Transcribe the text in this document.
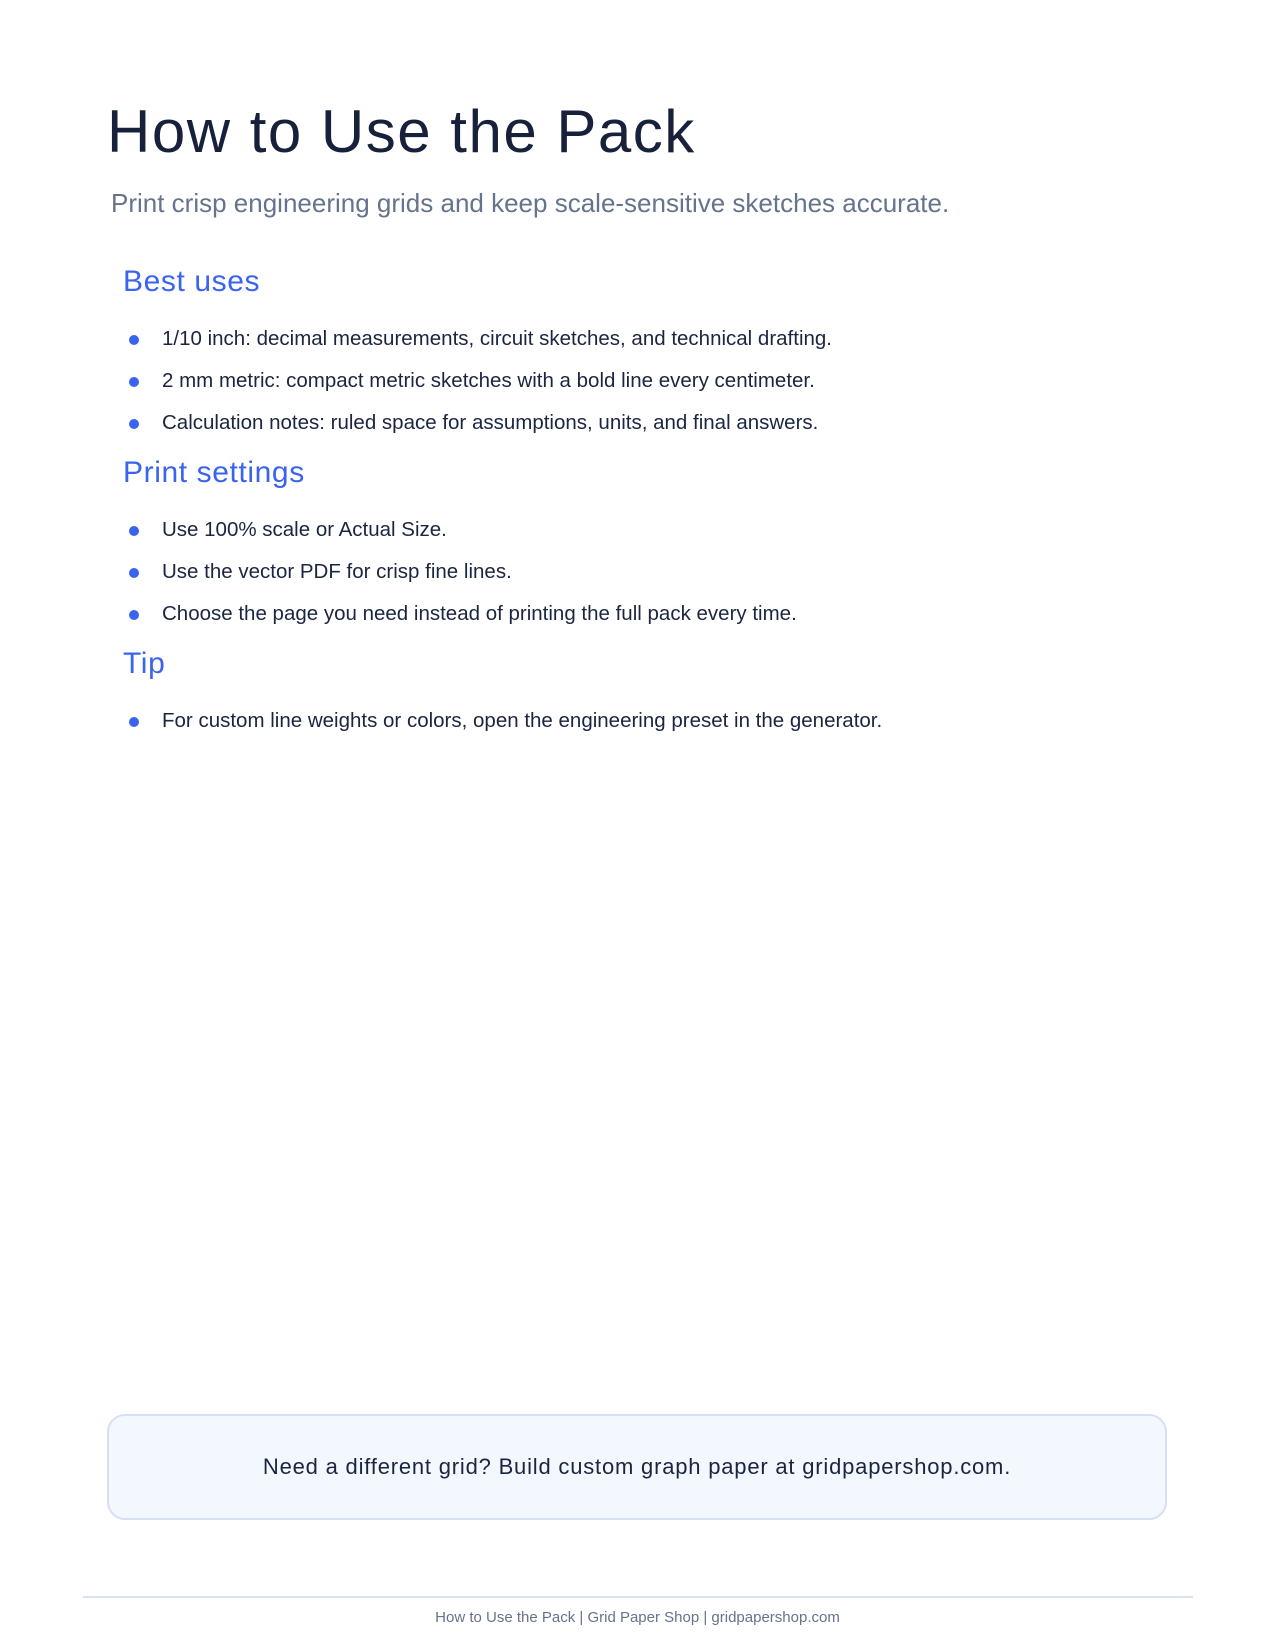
How to Use the Pack

Print crisp engineering grids and keep scale-sensitive sketches accurate.

Best uses
1/10 inch: decimal measurements, circuit sketches, and technical drafting.
2 mm metric: compact metric sketches with a bold line every centimeter.
Calculation notes: ruled space for assumptions, units, and final answers.
Print settings
Use 100% scale or Actual Size.
Use the vector PDF for crisp fine lines.
Choose the page you need instead of printing the full pack every time.
Tip
For custom line weights or colors, open the engineering preset in the generator.
Need a different grid? Build custom graph paper at gridpapershop.com.
How to Use the Pack | Grid Paper Shop | gridpapershop.com
